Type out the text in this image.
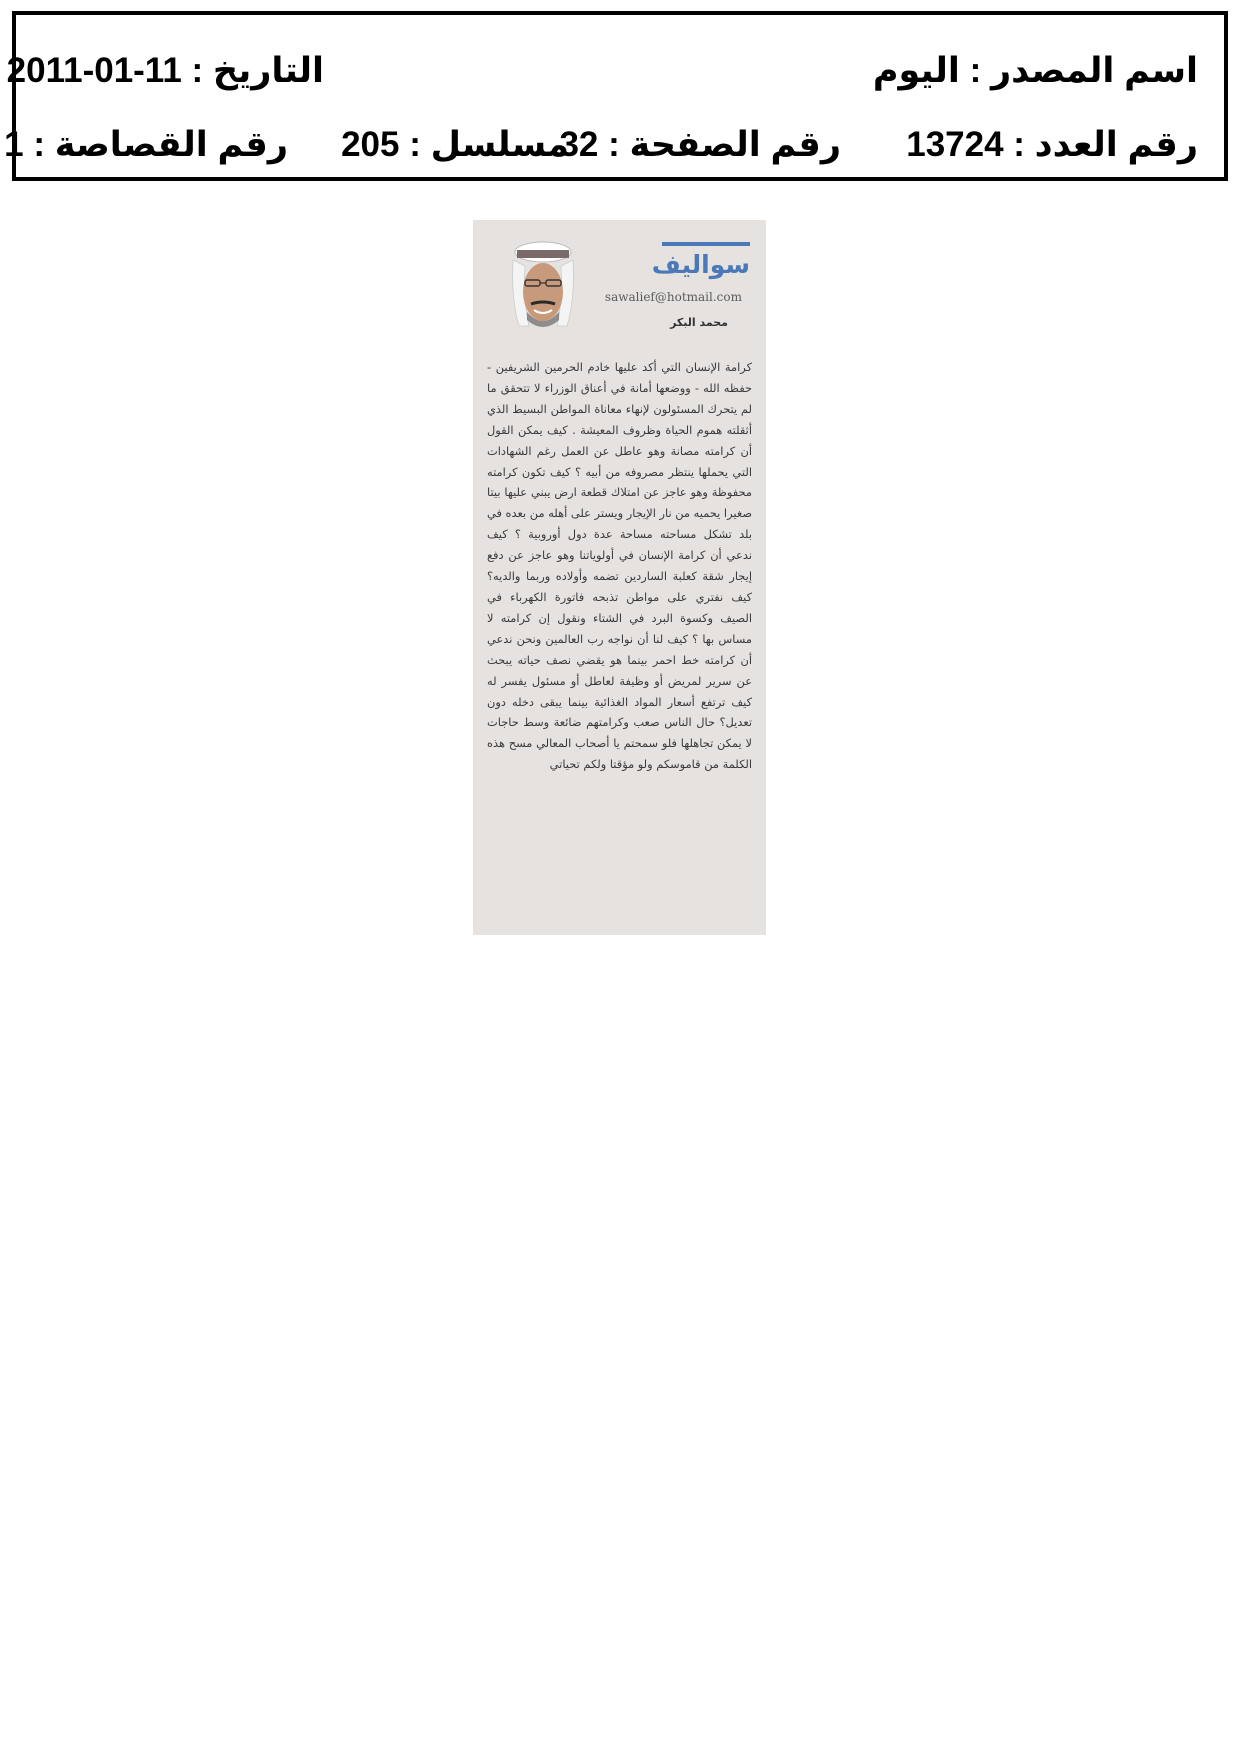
اسم المصدر : اليوم
التاريخ : 2011-01-11
رقم العدد : 13724
رقم الصفحة : 32
مسلسل : 205
رقم القصاصة : 1
سواليف
sawalief@hotmail.com
محمد البكر
كرامة الإنسان التي أكد عليها خادم الحرمين الشريفين - حفظه الله - ووضعها أمانة في أعناق الوزراء لا تتحقق ما لم يتحرك المسئولون لإنهاء معاناة المواطن البسيط الذي أثقلته هموم الحياة وظروف المعيشة . كيف يمكن القول أن كرامته مصانة وهو عاطل عن العمل رغم الشهادات التي يحملها ينتظر مصروفه من أبيه ؟ كيف تكون كرامته محفوظة وهو عاجز عن امتلاك قطعة ارض يبني عليها بيتا صغيرا يحميه من نار الإيجار ويستر على أهله من بعده في بلد تشكل مساحته مساحة عدة دول أوروبية ؟ كيف ندعي أن كرامة الإنسان في أولوياتنا وهو عاجز عن دفع إيجار شقة كعلبة الساردين تضمه وأولاده وربما والديه؟كيف نفتري على مواطن تذبحه فاتورة الكهرباء في الصيف وكسوة البرد في الشتاء ونقول إن كرامته لا مساس بها ؟ كيف لنا أن نواجه رب العالمين ونحن ندعي أن كرامته خط احمر بينما هو يقضي نصف حياته يبحث عن سرير لمريض أو وظيفة لعاطل أو مسئول يفسر له كيف ترتفع أسعار المواد الغذائية بينما يبقى دخله دون تعديل؟ حال الناس صعب وكرامتهم ضائعة وسط حاجات لا يمكن تجاهلها فلو سمحتم يا أصحاب المعالي مسح هذه الكلمة من قاموسكم ولو مؤقتا ولكم تحياتي
